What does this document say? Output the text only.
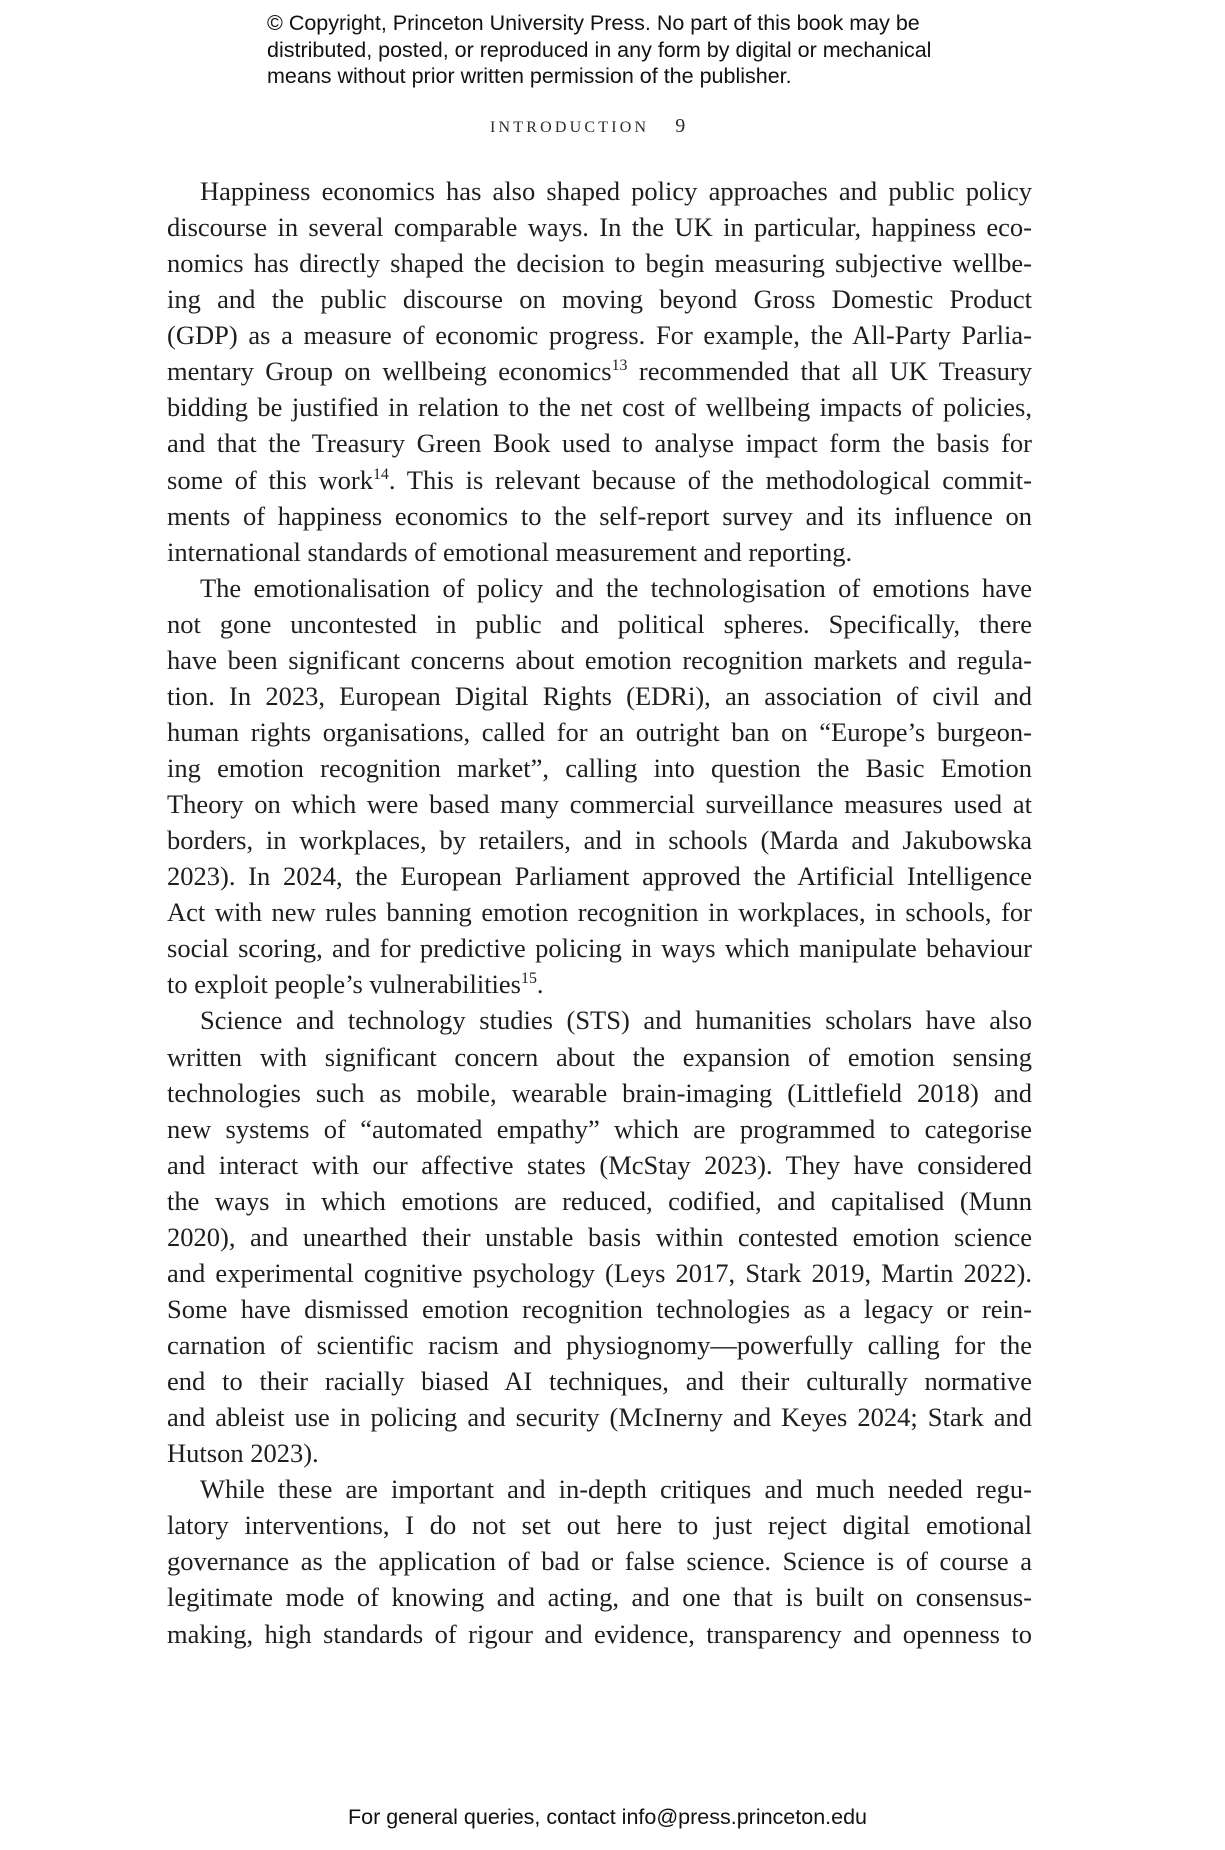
© Copyright, Princeton University Press. No part of this book may be
distributed, posted, or reproduced in any form by digital or mechanical
means without prior written permission of the publisher.
INTRODUCTION 9
Happiness economics has also shaped policy approaches and public policy
discourse in several comparable ways. In the UK in particular, happiness eco-
nomics has directly shaped the decision to begin measuring subjective wellbe-
ing and the public discourse on moving beyond Gross Domestic Product
(GDP) as a measure of economic progress. For example, the All-Party Parlia-
mentary Group on wellbeing economics$^{13}$ recommended that all UK Treasury
bidding be justified in relation to the net cost of wellbeing impacts of policies,
and that the Treasury Green Book used to analyse impact form the basis for
some of this work$^{14}$. This is relevant because of the methodological commit-
ments of happiness economics to the self-report survey and its influence on
international standards of emotional measurement and reporting.
The emotionalisation of policy and the technologisation of emotions have
not gone uncontested in public and political spheres. Specifically, there
have been significant concerns about emotion recognition markets and regula-
tion. In 2023, European Digital Rights (EDRi), an association of civil and
human rights organisations, called for an outright ban on “Europe’s burgeon-
ing emotion recognition market”, calling into question the Basic Emotion
Theory on which were based many commercial surveillance measures used at
borders, in workplaces, by retailers, and in schools (Marda and Jakubowska
2023). In 2024, the European Parliament approved the Artificial Intelligence
Act with new rules banning emotion recognition in workplaces, in schools, for
social scoring, and for predictive policing in ways which manipulate behaviour
to exploit people’s vulnerabilities$^{15}$.
Science and technology studies (STS) and humanities scholars have also
written with significant concern about the expansion of emotion sensing
technologies such as mobile, wearable brain-imaging (Littlefield 2018) and
new systems of “automated empathy” which are programmed to categorise
and interact with our affective states (McStay 2023). They have considered
the ways in which emotions are reduced, codified, and capitalised (Munn
2020), and unearthed their unstable basis within contested emotion science
and experimental cognitive psychology (Leys 2017, Stark 2019, Martin 2022).
Some have dismissed emotion recognition technologies as a legacy or rein-
carnation of scientific racism and physiognomy—powerfully calling for the
end to their racially biased AI techniques, and their culturally normative
and ableist use in policing and security (McInerny and Keyes 2024; Stark and
Hutson 2023).
While these are important and in-depth critiques and much needed regu-
latory interventions, I do not set out here to just reject digital emotional
governance as the application of bad or false science. Science is of course a
legitimate mode of knowing and acting, and one that is built on consensus-
making, high standards of rigour and evidence, transparency and openness to
For general queries, contact info@press.princeton.edu
